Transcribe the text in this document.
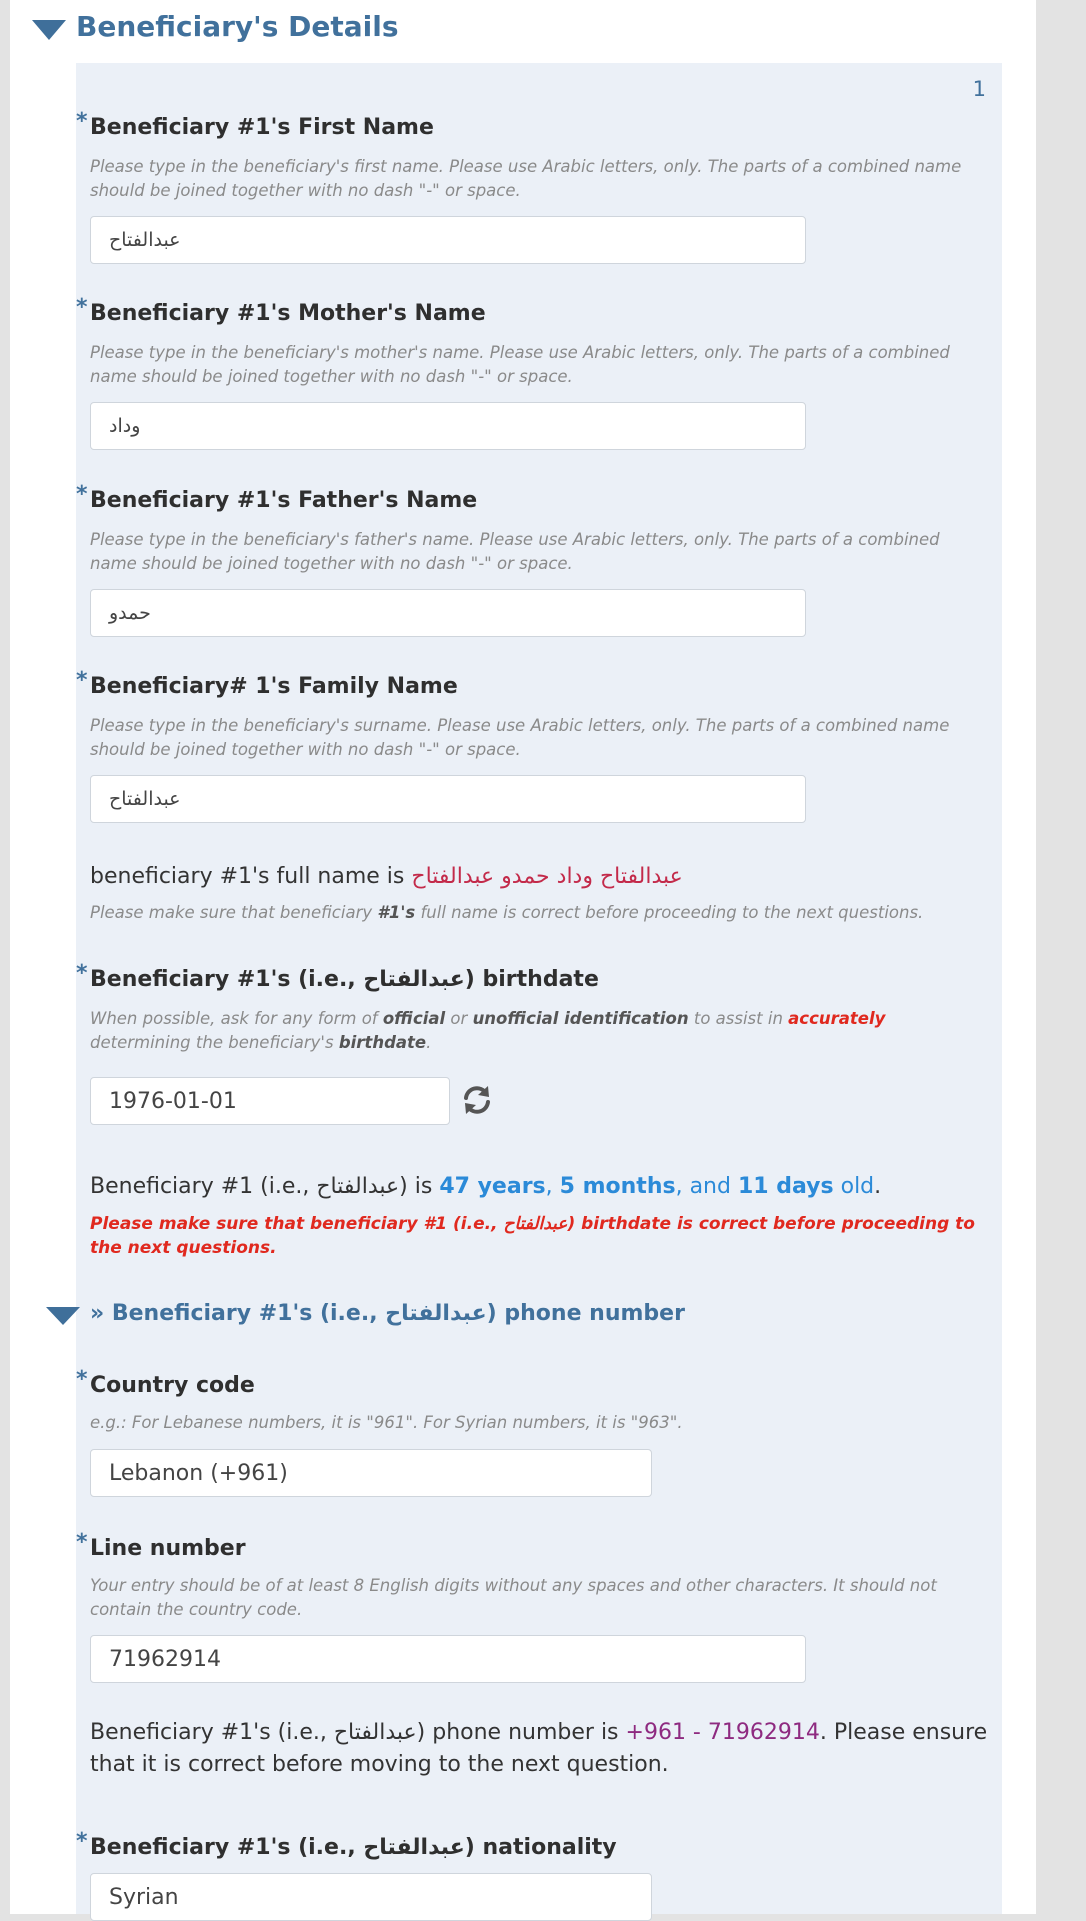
Beneficiary's Details
1
* Beneficiary #1's First Name
Please type in the beneficiary's first name. Please use Arabic letters, only. The parts of a combined name should be joined together with no dash "-" or space.
عبدالفتاح
* Beneficiary #1's Mother's Name
Please type in the beneficiary's mother's name. Please use Arabic letters, only. The parts of a combined name should be joined together with no dash "-" or space.
وداد
* Beneficiary #1's Father's Name
Please type in the beneficiary's father's name. Please use Arabic letters, only. The parts of a combined name should be joined together with no dash "-" or space.
حمدو
* Beneficiary# 1's Family Name
Please type in the beneficiary's surname. Please use Arabic letters, only. The parts of a combined name should be joined together with no dash "-" or space.
عبدالفتاح
beneficiary #1's full name is عبدالفتاح وداد حمدو عبدالفتاح
Please make sure that beneficiary #1's full name is correct before proceeding to the next questions.
* Beneficiary #1's (i.e., عبدالفتاح) birthdate
When possible, ask for any form of official or unofficial identification to assist in accurately determining the beneficiary's birthdate.
1976-01-01
Beneficiary #1 (i.e., عبدالفتاح) is 47 years, 5 months, and 11 days old.
Please make sure that beneficiary #1 (i.e., عبدالفتاح) birthdate is correct before proceeding to the next questions.
» Beneficiary #1's (i.e., عبدالفتاح) phone number
* Country code
e.g.: For Lebanese numbers, it is "961". For Syrian numbers, it is "963".
Lebanon (+961)
* Line number
Your entry should be of at least 8 English digits without any spaces and other characters. It should not contain the country code.
71962914
Beneficiary #1's (i.e., عبدالفتاح) phone number is +961 - 71962914. Please ensure that it is correct before moving to the next question.
* Beneficiary #1's (i.e., عبدالفتاح) nationality
Syrian
